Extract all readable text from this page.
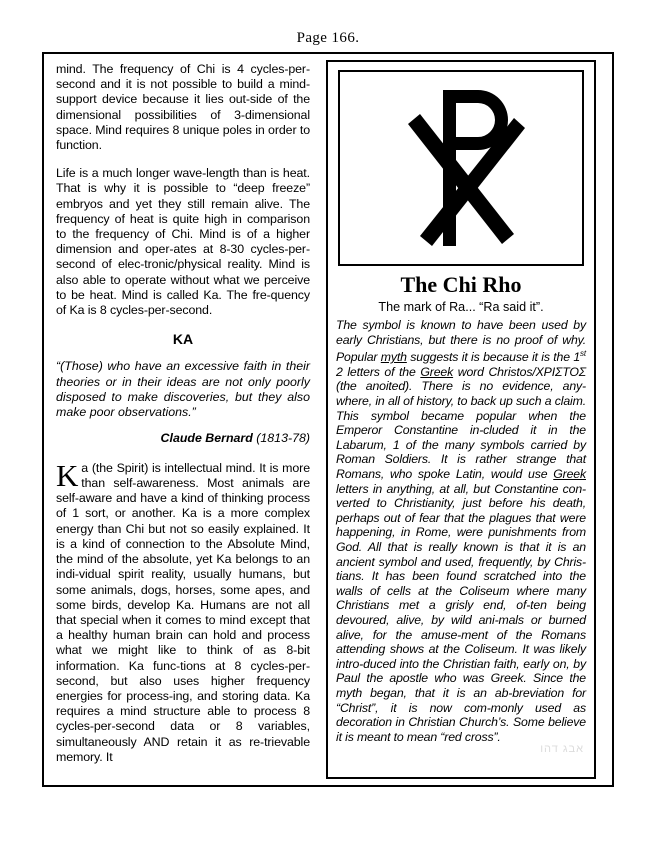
Page 166.

mind. The frequency of Chi is 4 cycles-per-second and it is not possible to build a mind-support device because it lies out-side of the dimensional possibilities of 3-dimensional space. Mind requires 8 unique poles in order to function.

Life is a much longer wave-length than is heat. That is why it is possible to “deep freeze” embryos and yet they still remain alive. The frequency of heat is quite high in comparison to the frequency of Chi. Mind is of a higher dimension and oper-ates at 8-30 cycles-per-second of elec-tronic/physical reality. Mind is also able to operate without what we perceive to be heat. Mind is called Ka. The fre-quency of Ka is 8 cycles-per-second.

KA

“(Those) who have an excessive faith in their theories or in their ideas are not only poorly disposed to make discoveries, but they also make poor observations.”

Claude Bernard (1813-78)

Ka (the Spirit) is intellectual mind. It is more than self-awareness. Most animals are self-aware and have a kind of thinking process of 1 sort, or another. Ka is a more complex energy than Chi but not so easily explained. It is a kind of connection to the Absolute Mind, the mind of the absolute, yet Ka belongs to an indi-vidual spirit reality, usually humans, but some animals, dogs, horses, some apes, and some birds, develop Ka. Humans are not all that special when it comes to mind except that a healthy human brain can hold and process what we might like to think of as 8-bit information. Ka func-tions at 8 cycles-per-second, but also uses higher frequency energies for process-ing, and storing data. Ka requires a mind structure able to process 8 cycles-per-second data or 8 variables, simultaneously AND retain it as re-trievable memory. It

The Chi Rho
The mark of Ra... “Ra said it”.

The symbol is known to have been used by early Christians, but there is no proof of why. Popular myth suggests it is because it is the 1st 2 letters of the Greek word Christos/ΧΡΙΣΤΟΣ (the anoited). There is no evidence, any-where, in all of history, to back up such a claim. This symbol became popular when the Emperor Constantine in-cluded it in the Labarum, 1 of the many symbols carried by Roman Soldiers. It is rather strange that Romans, who spoke Latin, would use Greek letters in anything, at all, but Constantine con-verted to Christianity, just before his death, perhaps out of fear that the plagues that were happening, in Rome, were punishments from God. All that is really known is that it is an ancient symbol and used, frequently, by Chris-tians. It has been found scratched into the walls of cells at the Coliseum where many Christians met a grisly end, of-ten being devoured, alive, by wild ani-mals or burned alive, for the amuse-ment of the Romans attending shows at the Coliseum. It was likely intro-duced into the Christian faith, early on, by Paul the apostle who was Greek. Since the myth began, that it is an ab-breviation for “Christ”, it is now com-monly used as decoration in Christian Church’s. Some believe it is meant to mean “red cross”.

אבג דהו
